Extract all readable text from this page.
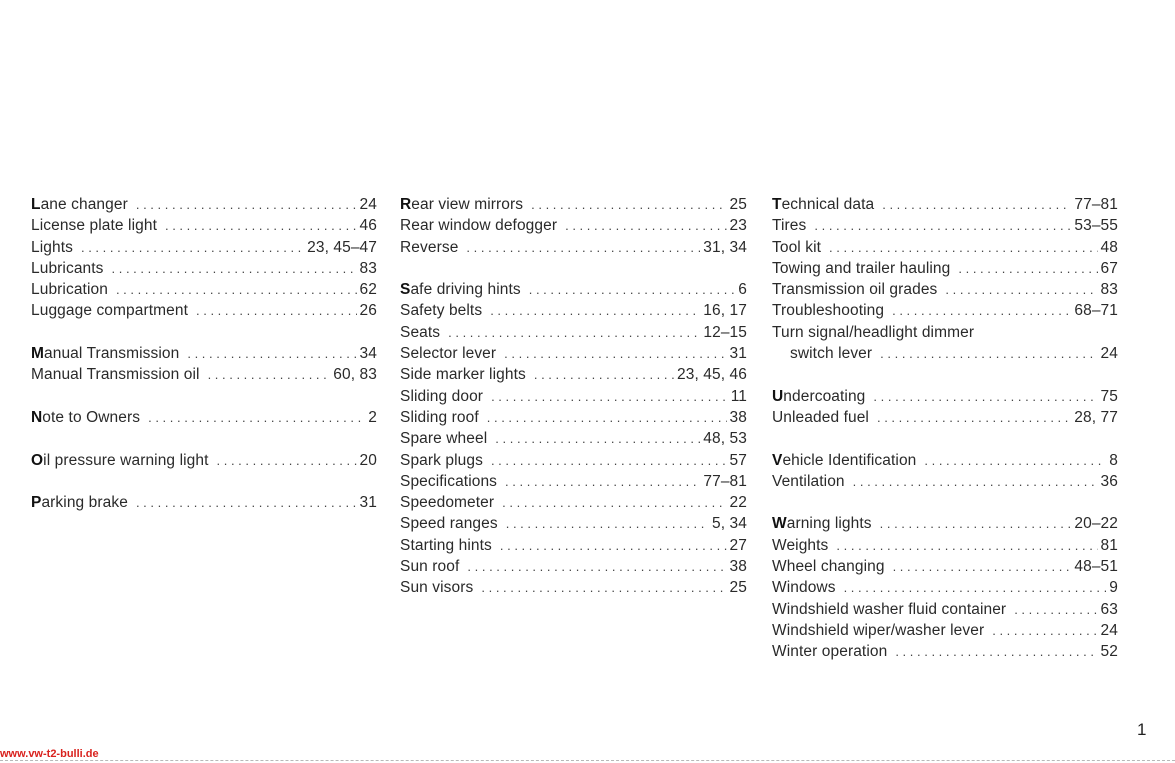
Lane changer . . .	24
License plate light . . .	46
Lights . . .	23, 45–47
Lubricants . . .	83
Lubrication . . .	62
Luggage compartment . . .	26
Manual Transmission . . .	34
Manual Transmission oil . . .	60, 83
Note to Owners . . .	2
Oil pressure warning light . . .	20
Parking brake . . .	31
Rear view mirrors . . .	25
Rear window defogger . . .	23
Reverse . . .	31, 34
Safe driving hints . . .	6
Safety belts . . .	16, 17
Seats . . .	12–15
Selector lever . . .	31
Side marker lights . . .	23, 45, 46
Sliding door . . .	11
Sliding roof . . .	38
Spare wheel . . .	48, 53
Spark plugs . . .	57
Specifications . . .	77–81
Speedometer . . .	22
Speed ranges . . .	5, 34
Starting hints . . .	27
Sun roof . . .	38
Sun visors . . .	25
Technical data . . .	77–81
Tires . . .	53–55
Tool kit . . .	48
Towing and trailer hauling . . .	67
Transmission oil grades . . .	83
Troubleshooting . . .	68–71
Turn signal/headlight dimmer
switch lever . . .	24
Undercoating . . .	75
Unleaded fuel . . .	28, 77
Vehicle Identification . . .	8
Ventilation . . .	36
Warning lights . . .	20–22
Weights . . .	81
Wheel changing . . .	48–51
Windows . . .	9
Windshield washer fluid container . . .	63
Windshield wiper/washer lever . . .	24
Winter operation . . .	52
1
www.vw-t2-bulli.de
